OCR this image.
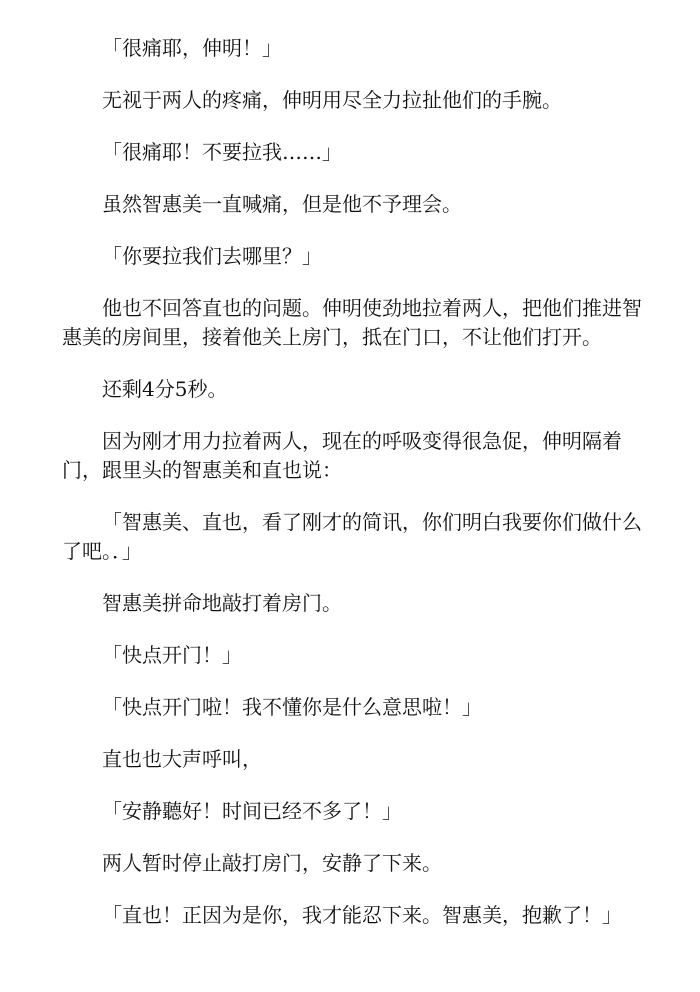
「很痛耶，伸明！」

无视于两人的疼痛，伸明用尽全力拉扯他们的手腕。

「很痛耶！不要拉我……」

虽然智惠美一直喊痛，但是他不予理会。

「你要拉我们去哪里？」

他也不回答直也的问题。伸明使劲地拉着两人，把他们推进智惠美的房间里，接着他关上房门，抵在门口，不让他们打开。

还剩4分5秒。

因为刚才用力拉着两人，现在的呼吸变得很急促，伸明隔着门，跟里头的智惠美和直也说：

「智惠美、直也，看了刚才的简讯，你们明白我要你们做什么了吧。．」

智惠美拼命地敲打着房门。

「快点开门！」

「快点开门啦！我不懂你是什么意思啦！」

直也也大声呼叫，

「安静聽好！时间已经不多了！」

两人暂时停止敲打房门，安静了下来。

「直也！正因为是你，我才能忍下来。智惠美，抱歉了！」
